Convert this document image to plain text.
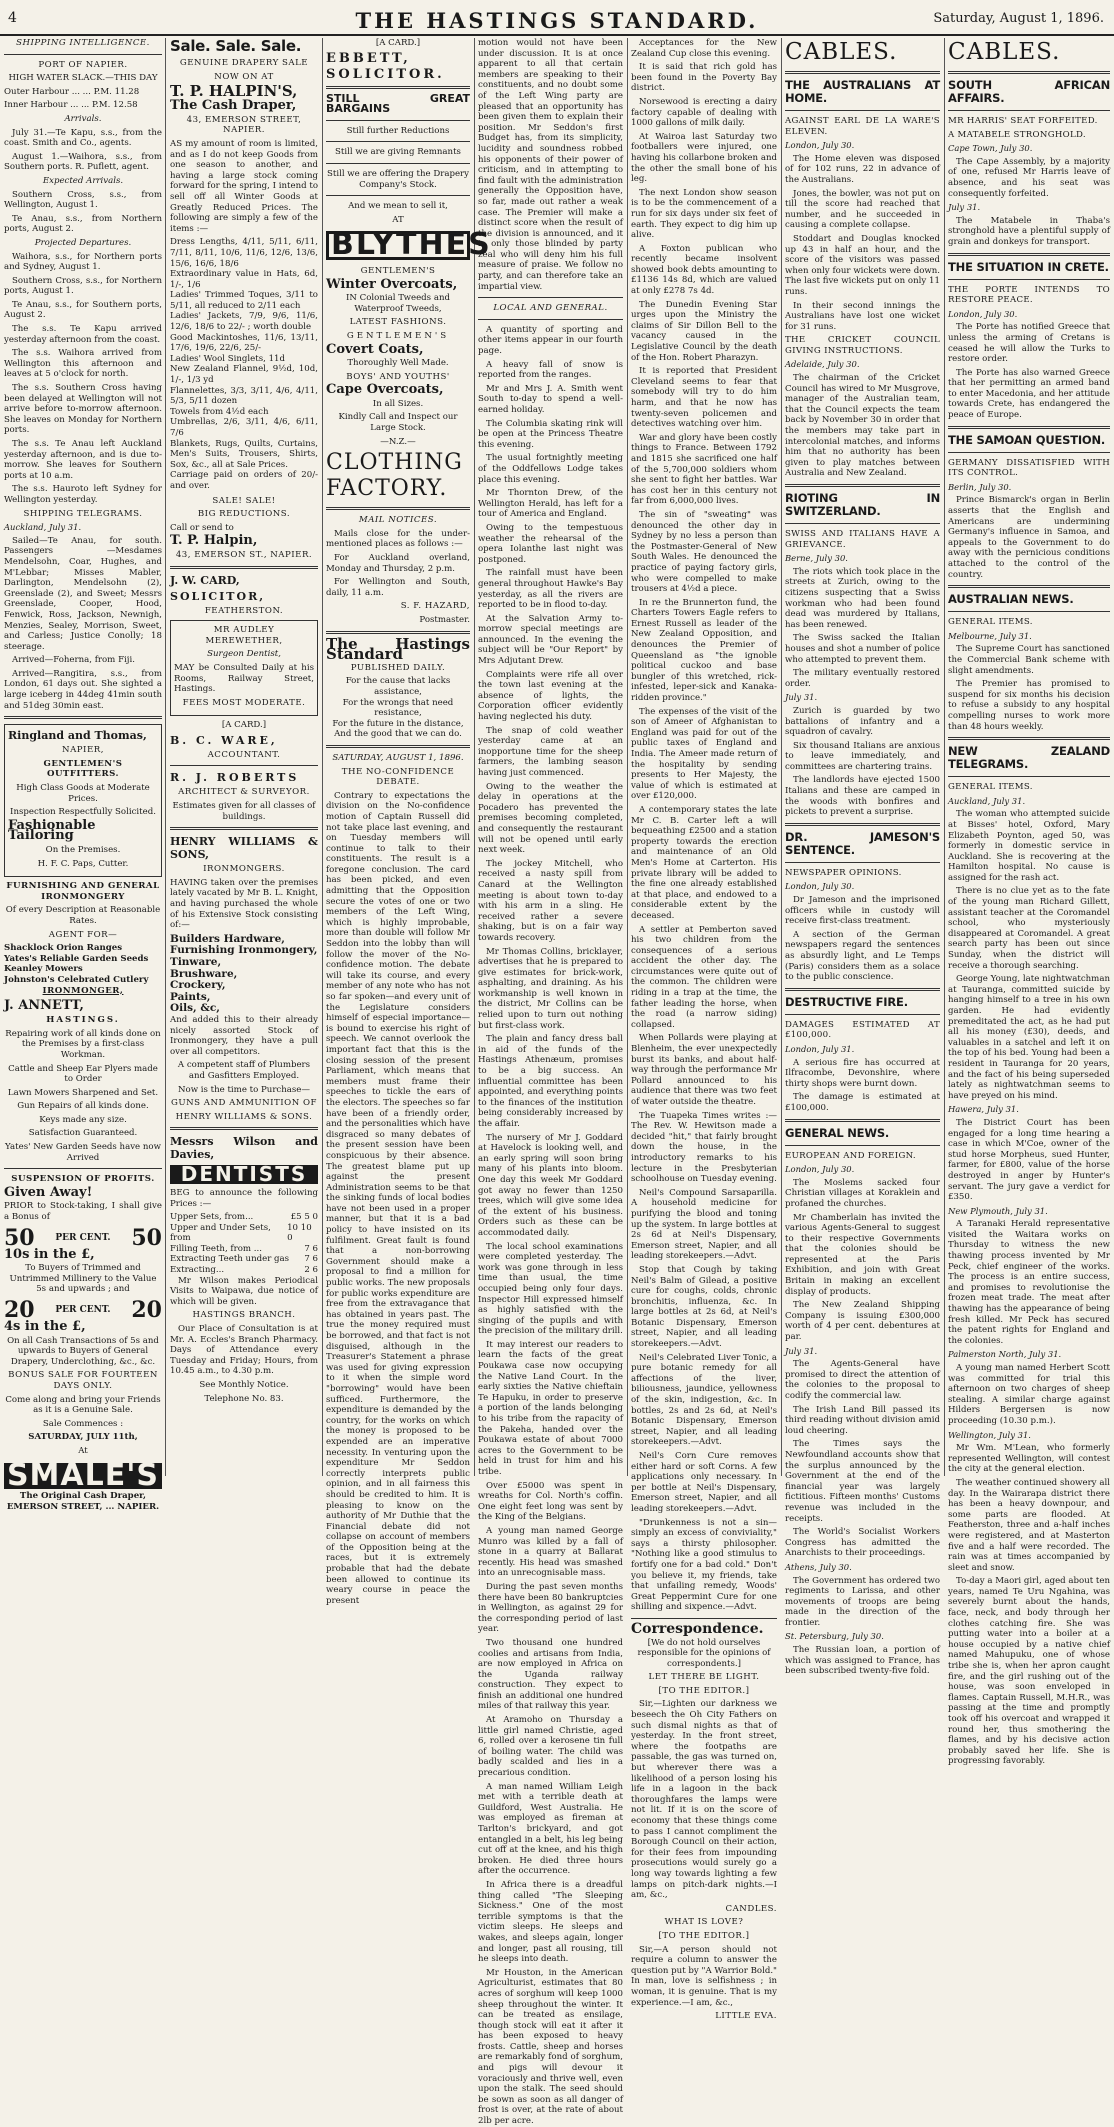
4	THE HASTINGS STANDARD.	Saturday, August 1, 1896.

SHIPPING INTELLIGENCE.

PORT OF NAPIER.

HIGH WATER SLACK.—THIS DAY

Outer Harbour ... ... P.M. 11.28

Inner Harbour ... ... P.M. 12.58

Arrivals.

July 31.—Te Kapu, s.s., from the coast. Smith and Co., agents.

August 1.—Waihora, s.s., from Southern ports. R. Puflett, agent.

Expected Arrivals.

Southern Cross, s.s., from Wellington, August 1.

Te Anau, s.s., from Northern ports, August 2.

Projected Departures.

Waihora, s.s., for Northern ports and Sydney, August 1.

Southern Cross, s.s., for Northern ports, August 1.

Te Anau, s.s., for Southern ports, August 2.

The s.s. Te Kapu arrived yesterday afternoon from the coast.

The s.s. Waihora arrived from Wellington this afternoon and leaves at 5 o'clock for north.

The s.s. Southern Cross having been delayed at Wellington will not arrive before to-morrow afternoon. She leaves on Monday for Northern ports.

The s.s. Te Anau left Auckland yesterday afternoon, and is due to-morrow. She leaves for Southern ports at 10 a.m.

The s.s. Hauroto left Sydney for Wellington yesterday.

SHIPPING TELEGRAMS.

Auckland, July 31.

Sailed—Te Anau, for south. Passengers —Mesdames Mendelsohn, Coar, Hughes, and M'Lebbar; Misses Mabler, Darlington, Mendelsohn (2), Greenslade (2), and Sweet; Messrs Greenslade, Cooper, Hood, Fenwick, Ross, Jackson, Newnigh, Menzies, Sealey, Morrison, Sweet, and Carless; Justice Conolly; 18 steerage.

Arrived—Foherna, from Fiji.

Arrived—Rangitira, s.s., from London, 61 days out. She sighted a large iceberg in 44deg 41min south and 51deg 30min east.

Ringland and Thomas,

NAPIER,

GENTLEMEN'S OUTFITTERS.

High Class Goods at Moderate Prices.

Inspection Respectfully Solicited.

Fashionable Tailoring

On the Premises.

H. F. C. Paps, Cutter.

FURNISHING AND GENERAL IRONMONGERY

Of every Description at Reasonable Rates.

AGENT FOR—

Shacklock Orion Ranges

Yates's Reliable Garden Seeds

Keanley Mowers

Johnston's Celebrated Cutlery

IRONMONGER,

J. ANNETT,

HASTINGS.

Repairing work of all kinds done on the Premises by a first-class Workman.

Cattle and Sheep Ear Plyers made to Order

Lawn Mowers Sharpened and Set.

Gun Repairs of all kinds done.

Keys made any size.

Satisfaction Guaranteed.

Yates' New Garden Seeds have now Arrived

SUSPENSION OF PROFITS.

Given Away!

PRIOR to Stock-taking, I shall give a Bonus of

50 PER CENT. 50

10s in the £,

To Buyers of Trimmed and Untrimmed Millinery to the Value 5s and upwards ; and

20 PER CENT. 20

4s in the £,

On all Cash Transactions of 5s and upwards to Buyers of General Drapery, Underclothing, &c., &c.

BONUS SALE FOR FOURTEEN DAYS ONLY.

Come along and bring your Friends as it is a Genuine Sale.

Sale Commences :

SATURDAY, JULY 11th,

At

SMALE'S

The Original Cash Draper, EMERSON STREET, ... NAPIER.

Sale. Sale. Sale.

GENUINE DRAPERY SALE

NOW ON AT

T. P. HALPIN'S,

The Cash Draper,

43, EMERSON STREET, NAPIER.

AS my amount of room is limited, and as I do not keep Goods from one season to another, and having a large stock coming forward for the spring, I intend to sell off all Winter Goods at Greatly Reduced Prices. The following are simply a few of the items :—

Dress Lengths, 4/11, 5/11, 6/11, 7/11, 8/11, 10/6, 11/6, 12/6, 13/6, 15/6, 16/6, 18/6

Extraordinary value in Hats, 6d, 1/-, 1/6

Ladies' Trimmed Toques, 3/11 to 5/11, all reduced to 2/11 each

Ladies' Jackets, 7/9, 9/6, 11/6, 12/6, 18/6 to 22/- ; worth double

Good Mackintoshes, 11/6, 13/11, 17/6, 19/6, 22/6, 25/-

Ladies' Wool Singlets, 11d

New Zealand Flannel, 9½d, 10d, 1/-, 1/3 yd

Flannelettes, 3/3, 3/11, 4/6, 4/11, 5/3, 5/11 dozen

Towels from 4½d each

Umbrellas, 2/6, 3/11, 4/6, 6/11, 7/6

Blankets, Rugs, Quilts, Curtains, Men's Suits, Trousers, Shirts, Sox, &c., all at Sale Prices.

Carriage paid on orders of 20/- and over.

SALE! SALE!

BIG REDUCTIONS.

Call or send to

T. P. Halpin,

43, EMERSON ST., NAPIER.

J. W. CARD,

SOLICITOR,

FEATHERSTON.

MR AUDLEY MEREWETHER,

Surgeon Dentist,

MAY be Consulted Daily at his Rooms, Railway Street, Hastings.

FEES MOST MODERATE.

[A CARD.]

B. C. WARE,

ACCOUNTANT.

R. J. ROBERTS

ARCHITECT & SURVEYOR.

Estimates given for all classes of buildings.

HENRY WILLIAMS & SONS,

IRONMONGERS.

HAVING taken over the premises lately vacated by Mr B. L. Knight, and having purchased the whole of his Extensive Stock consisting of:—

Builders Hardware,

Furnishing Ironmongery,

Tinware,

Brushware,

Crockery,

Paints,

Oils, &c,

And added this to their already nicely assorted Stock of Ironmongery, they have a pull over all competitors.

A competent staff of Plumbers and Gasfitters Employed.

Now is the time to Purchase—

GUNS AND AMMUNITION OF

HENRY WILLIAMS & SONS.

Messrs Wilson and Davies,

DENTISTS

BEG to announce the following Prices :—

Upper Sets, from...	£5 5 0
Upper and Under Sets, from
10 10 0
Filling Teeth, from ...	7 6
Extracting Teeth under gas 7 6
Extracting...	2 6

Mr Wilson makes Periodical Visits to Waipawa, due notice of which will be given.

HASTINGS BRANCH.

Our Place of Consultation is at Mr. A. Eccles's Branch Pharmacy. Days of Attendance every Tuesday and Friday; Hours, from 10.45 a.m., to 4.30 p.m.

See Monthly Notice.

Telephone No. 83.

[A CARD.]

EBBETT,

SOLICITOR.

STILL GREAT BARGAINS

Still further Reductions

Still we are giving Remnants

Still we are offering the Drapery Company's Stock.

And we mean to sell it,

AT

BLYTHES

GENTLEMEN'S

Winter Overcoats,

IN Colonial Tweeds and Waterproof Tweeds,

LATEST FASHIONS.

GENTLEMEN'S

Covert Coats,

Thoroughly Well Made.

BOYS' AND YOUTHS'

Cape Overcoats,

In all Sizes.

Kindly Call and Inspect our Large Stock.

—N.Z.—

CLOTHING FACTORY.

MAIL NOTICES.

Mails close for the under-mentioned places as follows :—

For Auckland overland, Monday and Thursday, 2 p.m.

For Wellington and South, daily, 11 a.m.

S. F. HAZARD,

Postmaster.

The Hastings Standard

PUBLISHED DAILY.

For the cause that lacks assistance,

For the wrongs that need resistance,

For the future in the distance,

And the good that we can do.

SATURDAY, AUGUST 1, 1896.

THE NO-CONFIDENCE DEBATE.

Contrary to expectations the division on the No-confidence motion of Captain Russell did not take place last evening, and on Tuesday members will continue to talk to their constituents. The result is a foregone conclusion. The card has been picked, and even admitting that the Opposition secure the votes of one or two members of the Left Wing, which is highly improbable, more than double will follow Mr Seddon into the lobby than will follow the mover of the No-confidence motion. The debate will take its course, and every member of any note who has not so far spoken—and every unit of the Legislature considers himself of especial importance—is bound to exercise his right of speech. We cannot overlook the important fact that this is the closing session of the present Parliament, which means that members must frame their speeches to tickle the ears of the electors. The speeches so far have been of a friendly order, and the personalities which have disgraced so many debates of the present session have been conspicuous by their absence. The greatest blame put up against the present Administration seems to be that the sinking funds of local bodies have not been used in a proper manner, but that it is a bad policy to have insisted on its fulfilment. Great fault is found that a non-borrowing Government should make a proposal to find a million for public works. The new proposals for public works expenditure are free from the extravagance that has obtained in years past. The true the money required must be borrowed, and that fact is not disguised, although in the Treasurer's Statement a phrase was used for giving expression to it when the simple word "borrowing" would have been sufficed. Furthermore, the expenditure is demanded by the country, for the works on which the money is proposed to be expended are an imperative necessity. In venturing upon the expenditure Mr Seddon correctly interprets public opinion, and in all fairness this should be credited to him. It is pleasing to know on the authority of Mr Duthie that the Financial debate did not collapse on account of members of the Opposition being at the races, but it is extremely probable that had the debate been allowed to continue its weary course in peace the present

motion would not have been under discussion. It is at once apparent to all that certain members are speaking to their constituents, and no doubt some of the Left Wing party are pleased that an opportunity has been given them to explain their position. Mr Seddon's first Budget has, from its simplicity, lucidity and soundness robbed his opponents of their power of criticism, and in attempting to find fault with the administration generally the Opposition have, so far, made out rather a weak case. The Premier will make a distinct score when the result of the division is announced, and it is only those blinded by party zeal who will deny him his full measure of praise. We follow no party, and can therefore take an impartial view.

LOCAL AND GENERAL.

A quantity of sporting and other items appear in our fourth page.

A heavy fall of snow is reported from the ranges.

Mr and Mrs J. A. Smith went South to-day to spend a well-earned holiday.

The Columbia skating rink will be open at the Princess Theatre this evening.

The usual fortnightly meeting of the Oddfellows Lodge takes place this evening.

Mr Thornton Drew, of the Wellington Herald, has left for a tour of America and England.

Owing to the tempestuous weather the rehearsal of the opera Iolanthe last night was postponed.

The rainfall must have been general throughout Hawke's Bay yesterday, as all the rivers are reported to be in flood to-day.

At the Salvation Army to-morrow special meetings are announced. In the evening the subject will be "Our Report" by Mrs Adjutant Drew.

Complaints were rife all over the town last evening at the absence of lights, the Corporation officer evidently having neglected his duty.

The snap of cold weather yesterday came at an inopportune time for the sheep farmers, the lambing season having just commenced.

Owing to the weather the delay in operations at the Pocadero has prevented the premises becoming completed, and consequently the restaurant will not be opened until early next week.

The jockey Mitchell, who received a nasty spill from Canard at the Wellington meeting is about town to-day with his arm in a sling. He received rather a severe shaking, but is on a fair way towards recovery.

Mr Thomas Collins, bricklayer, advertises that he is prepared to give estimates for brick-work, asphalting, and draining. As his workmanship is well known in the district, Mr Collins can be relied upon to turn out nothing but first-class work.

The plain and fancy dress ball in aid of the funds of the Hastings Athenæum, promises to be a big success. An influential committee has been appointed, and everything points to the finances of the institution being considerably increased by the affair.

The nursery of Mr J. Goddard at Havelock is looking well, and an early spring will soon bring many of his plants into bloom. One day this week Mr Goddard got away no fewer than 1250 trees, which will give some idea of the extent of his business. Orders such as these can be accommodated daily.

The local school examinations were completed yesterday. The work was gone through in less time than usual, the time occupied being only four days. Inspector Hill expressed himself as highly satisfied with the singing of the pupils and with the precision of the military drill.

It may interest our readers to learn the facts of the great Poukawa case now occupying the Native Land Court. In the early sixties the Native chieftain Te Hapuku, in order to preserve a portion of the lands belonging to his tribe from the rapacity of the Pakeha, handed over the Poukawa estate of about 7000 acres to the Government to be held in trust for him and his tribe.

Over £5000 was spent in wreaths for Col. North's coffin. One eight feet long was sent by the King of the Belgians.

A young man named George Munro was killed by a fall of stone in a quarry at Ballarat recently. His head was smashed into an unrecognisable mass.

During the past seven months there have been 80 bankruptcies in Wellington, as against 29 for the corresponding period of last year.

Two thousand one hundred coolies and artisans from India, are now employed in Africa on the Uganda railway construction. They expect to finish an additional one hundred miles of that railway this year.

At Aramoho on Thursday a little girl named Christie, aged 6, rolled over a kerosene tin full of boiling water. The child was badly scalded and lies in a precarious condition.

A man named William Leigh met with a terrible death at Guildford, West Australia. He was employed as fireman at Tarlton's brickyard, and got entangled in a belt, his leg being cut off at the knee, and his thigh broken. He died three hours after the occurrence.

In Africa there is a dreadful thing called "The Sleeping Sickness." One of the most terrible symptoms is that the victim sleeps. He sleeps and wakes, and sleeps again, longer and longer, past all rousing, till he sleeps into death.

Mr Houston, in the American Agriculturist, estimates that 80 acres of sorghum will keep 1000 sheep throughout the winter. It can be treated as ensilage, though stock will eat it after it has been exposed to heavy frosts. Cattle, sheep and horses are remarkably fond of sorghum, and pigs will devour it voraciously and thrive well, even upon the stalk. The seed should be sown as soon as all danger of frost is over, at the rate of about 2lb per acre.

Acceptances for the New Zealand Cup close this evening.

It is said that rich gold has been found in the Poverty Bay district.

Norsewood is erecting a dairy factory capable of dealing with 1000 gallons of milk daily.

At Wairoa last Saturday two footballers were injured, one having his collarbone broken and the other the small bone of his leg.

The next London show season is to be the commencement of a run for six days under six feet of earth. They expect to dig him up alive.

A Foxton publican who recently became insolvent showed book debts amounting to £1136 14s 8d, which are valued at only £278 7s 4d.

The Dunedin Evening Star urges upon the Ministry the claims of Sir Dillon Bell to the vacancy caused in the Legislative Council by the death of the Hon. Robert Pharazyn.

It is reported that President Cleveland seems to fear that somebody will try to do him harm, and that he now has twenty-seven policemen and detectives watching over him.

War and glory have been costly things to France. Between 1792 and 1815 she sacrificed one half of the 5,700,000 soldiers whom she sent to fight her battles. War has cost her in this century not far from 6,000,000 lives.

The sin of "sweating" was denounced the other day in Sydney by no less a person than the Postmaster-General of New South Wales. He denounced the practice of paying factory girls, who were compelled to make trousers at 4½d a piece.

In re the Brunnerton fund, the Charters Towers Eagle refers to Ernest Russell as leader of the New Zealand Opposition, and denounces the Premier of Queensland as "the ignoble political cuckoo and base bungler of this wretched, rick-infested, leper-sick and Kanaka-ridden province."

The expenses of the visit of the son of Ameer of Afghanistan to England was paid for out of the public taxes of England and India. The Ameer made return of the hospitality by sending presents to Her Majesty, the value of which is estimated at over £120,000.

A contemporary states the late Mr C. B. Carter left a will bequeathing £2500 and a station property towards the erection and maintenance of an Old Men's Home at Carterton. His private library will be added to the fine one already established at that place, and endowed to a considerable extent by the deceased.

A settler at Pemberton saved his two children from the consequences of a serious accident the other day. The circumstances were quite out of the common. The children were riding in a trap at the time, the father leading the horse, when the road (a narrow siding) collapsed.

When Pollards were playing at Blenheim, the ever unexpectedly burst its banks, and about half-way through the performance Mr Pollard announced to his audience that there was two feet of water outside the theatre.

The Tuapeka Times writes :—The Rev. W. Hewitson made a decided "hit," that fairly brought down the house, in the introductory remarks to his lecture in the Presbyterian schoolhouse on Tuesday evening.

Neil's Compound Sarsaparilla. A household medicine for purifying the blood and toning up the system. In large bottles at 2s 6d at Neil's Dispensary, Emerson street, Napier, and all leading storekeepers.—Advt.

Stop that Cough by taking Neil's Balm of Gilead, a positive cure for coughs, colds, chronic bronchitis, influenza, &c. In large bottles at 2s 6d, at Neil's Botanic Dispensary, Emerson street, Napier, and all leading storekeepers.—Advt.

Neil's Celebrated Liver Tonic, a pure botanic remedy for all affections of the liver, biliousness, jaundice, yellowness of the skin, indigestion, &c. In bottles, 2s and 2s 6d, at Neil's Botanic Dispensary, Emerson street, Napier, and all leading storekeepers.—Advt.

Neil's Corn Cure removes either hard or soft Corns. A few applications only necessary. In per bottle at Neil's Dispensary, Emerson street, Napier, and all leading storekeepers.—Advt.

"Drunkenness is not a sin—simply an excess of conviviality," says a thirsty philosopher. "Nothing like a good stimulus to fortify one for a bad cold." Don't you believe it, my friends, take that unfailing remedy, Woods' Great Peppermint Cure for one shilling and sixpence.—Advt.

Correspondence.

[We do not hold ourselves responsible for the opinions of correspondents.]

LET THERE BE LIGHT.

[TO THE EDITOR.]

Sir,—Lighten our darkness we beseech the Oh City Fathers on such dismal nights as that of yesterday. In the front street, where the footpaths are passable, the gas was turned on, but wherever there was a likelihood of a person losing his life in a lagoon in the back thoroughfares the lamps were not lit. If it is on the score of economy that these things come to pass I cannot compliment the Borough Council on their action, for their fees from impounding prosecutions would surely go a long way towards lighting a few lamps on pitch-dark nights.—I am, &c.,

CANDLES.

WHAT IS LOVE?

[TO THE EDITOR.]

Sir,—A person should not require a column to answer the question put by "A Warrior Bold." In man, love is selfishness ; in woman, it is genuine. That is my experience.—I am, &c.,

LITTLE EVA.

CABLES.

THE AUSTRALIANS AT HOME.

AGAINST EARL DE LA WARE'S ELEVEN.

London, July 30.

The Home eleven was disposed of for 102 runs, 22 in advance of the Australians.

Jones, the bowler, was not put on till the score had reached that number, and he succeeded in causing a complete collapse.

Stoddart and Douglas knocked up 43 in half an hour, and the score of the visitors was passed when only four wickets were down. The last five wickets put on only 11 runs.

In their second innings the Australians have lost one wicket for 31 runs.

THE CRICKET COUNCIL GIVING INSTRUCTIONS.

Adelaide, July 30.

The chairman of the Cricket Council has wired to Mr Musgrove, manager of the Australian team, that the Council expects the team back by November 30 in order that the members may take part in intercolonial matches, and informs him that no authority has been given to play matches between Australia and New Zealand.

RIOTING IN SWITZERLAND.

SWISS AND ITALIANS HAVE A GRIEVANCE.

Berne, July 30.

The riots which took place in the streets at Zurich, owing to the citizens suspecting that a Swiss workman who had been found dead was murdered by Italians, has been renewed.

The Swiss sacked the Italian houses and shot a number of police who attempted to prevent them.

The military eventually restored order.

July 31.

Zurich is guarded by two battalions of infantry and a squadron of cavalry.

Six thousand Italians are anxious to leave immediately, and committees are chartering trains.

The landlords have ejected 1500 Italians and these are camped in the woods with bonfires and pickets to prevent a surprise.

DR. JAMESON'S SENTENCE.

NEWSPAPER OPINIONS.

London, July 30.

Dr Jameson and the imprisoned officers while in custody will receive first-class treatment.

A section of the German newspapers regard the sentences as absurdly light, and Le Temps (Paris) considers them as a solace to the public conscience.

DESTRUCTIVE FIRE.

DAMAGES ESTIMATED AT £100,000.

London, July 31.

A serious fire has occurred at Ilfracombe, Devonshire, where thirty shops were burnt down.

The damage is estimated at £100,000.

GENERAL NEWS.

EUROPEAN AND FOREIGN.

London, July 30.

The Moslems sacked four Christian villages at Koraklein and profaned the churches.

Mr Chamberlain has invited the various Agents-General to suggest to their respective Governments that the colonies should be represented at the Paris Exhibition, and join with Great Britain in making an excellent display of products.

The New Zealand Shipping Company is issuing £300,000 worth of 4 per cent. debentures at par.

July 31.

The Agents-General have promised to direct the attention of the colonies to the proposal to codify the commercial law.

The Irish Land Bill passed its third reading without division amid loud cheering.

The Times says the Newfoundland accounts show that the surplus announced by the Government at the end of the financial year was largely fictitious. Fifteen months' Customs revenue was included in the receipts.

The World's Socialist Workers Congress has admitted the Anarchists to their proceedings.

Athens, July 30.

The Government has ordered two regiments to Larissa, and other movements of troops are being made in the direction of the frontier.

St. Petersburg, July 30.

The Russian loan, a portion of which was assigned to France, has been subscribed twenty-five fold.

CABLES.

SOUTH AFRICAN AFFAIRS.

MR HARRIS' SEAT FORFEITED.

A MATABELE STRONGHOLD.

Cape Town, July 30.

The Cape Assembly, by a majority of one, refused Mr Harris leave of absence, and his seat was consequently forfeited.

July 31.

The Matabele in Thaba's stronghold have a plentiful supply of grain and donkeys for transport.

THE SITUATION IN CRETE.

THE PORTE INTENDS TO RESTORE PEACE.

London, July 30.

The Porte has notified Greece that unless the arming of Cretans is ceased he will allow the Turks to restore order.

The Porte has also warned Greece that her permitting an armed band to enter Macedonia, and her attitude towards Crete, has endangered the peace of Europe.

THE SAMOAN QUESTION.

GERMANY DISSATISFIED WITH ITS CONTROL.

Berlin, July 30.

Prince Bismarck's organ in Berlin asserts that the English and Americans are undermining Germany's influence in Samoa, and appeals to the Government to do away with the pernicious conditions attached to the control of the country.

AUSTRALIAN NEWS.

GENERAL ITEMS.

Melbourne, July 31.

The Supreme Court has sanctioned the Commercial Bank scheme with slight amendments.

The Premier has promised to suspend for six months his decision to refuse a subsidy to any hospital compelling nurses to work more than 48 hours weekly.

NEW ZEALAND TELEGRAMS.

GENERAL ITEMS.

Auckland, July 31.

The woman who attempted suicide at Bisses' hotel, Oxford, Mary Elizabeth Poynton, aged 50, was formerly in domestic service in Auckland. She is recovering at the Hamilton hospital. No cause is assigned for the rash act.

There is no clue yet as to the fate of the young man Richard Gillett, assistant teacher at the Coromandel school, who mysteriously disappeared at Coromandel. A great search party has been out since Sunday, when the district will receive a thorough searching.

George Young, late nightwatchman at Tauranga, committed suicide by hanging himself to a tree in his own garden. He had evidently premeditated the act, as he had put all his money (£30), deeds, and valuables in a satchel and left it on the top of his bed. Young had been a resident in Tauranga for 20 years, and the fact of his being superseded lately as nightwatchman seems to have preyed on his mind.

Hawera, July 31.

The District Court has been engaged for a long time hearing a case in which M'Coe, owner of the stud horse Morpheus, sued Hunter, farmer, for £800, value of the horse destroyed in anger by Hunter's servant. The jury gave a verdict for £350.

New Plymouth, July 31.

A Taranaki Herald representative visited the Waitara works on Thursday to witness the new thawing process invented by Mr Peck, chief engineer of the works. The process is an entire success, and promises to revolutionise the frozen meat trade. The meat after thawing has the appearance of being fresh killed. Mr Peck has secured the patent rights for England and the colonies.

Palmerston North, July 31.

A young man named Herbert Scott was committed for trial this afternoon on two charges of sheep stealing. A similar charge against Hilders Bergersen is now proceeding (10.30 p.m.).

Wellington, July 31.

Mr Wm. M'Lean, who formerly represented Wellington, will contest the city at the general election.

The weather continued showery all day. In the Wairarapa district there has been a heavy downpour, and some parts are flooded. At Featherston, three and a-half inches were registered, and at Masterton five and a half were recorded. The rain was at times accompanied by sleet and snow.

To-day a Maori girl, aged about ten years, named Te Uru Ngahina, was severely burnt about the hands, face, neck, and body through her clothes catching fire. She was putting water into a boiler at a house occupied by a native chief named Mahupuku, one of whose tribe she is, when her apron caught fire, and the girl rushing out of the house, was soon enveloped in flames. Captain Russell, M.H.R., was passing at the time and promptly took off his overcoat and wrapped it round her, thus smothering the flames, and by his decisive action probably saved her life. She is progressing favorably.
